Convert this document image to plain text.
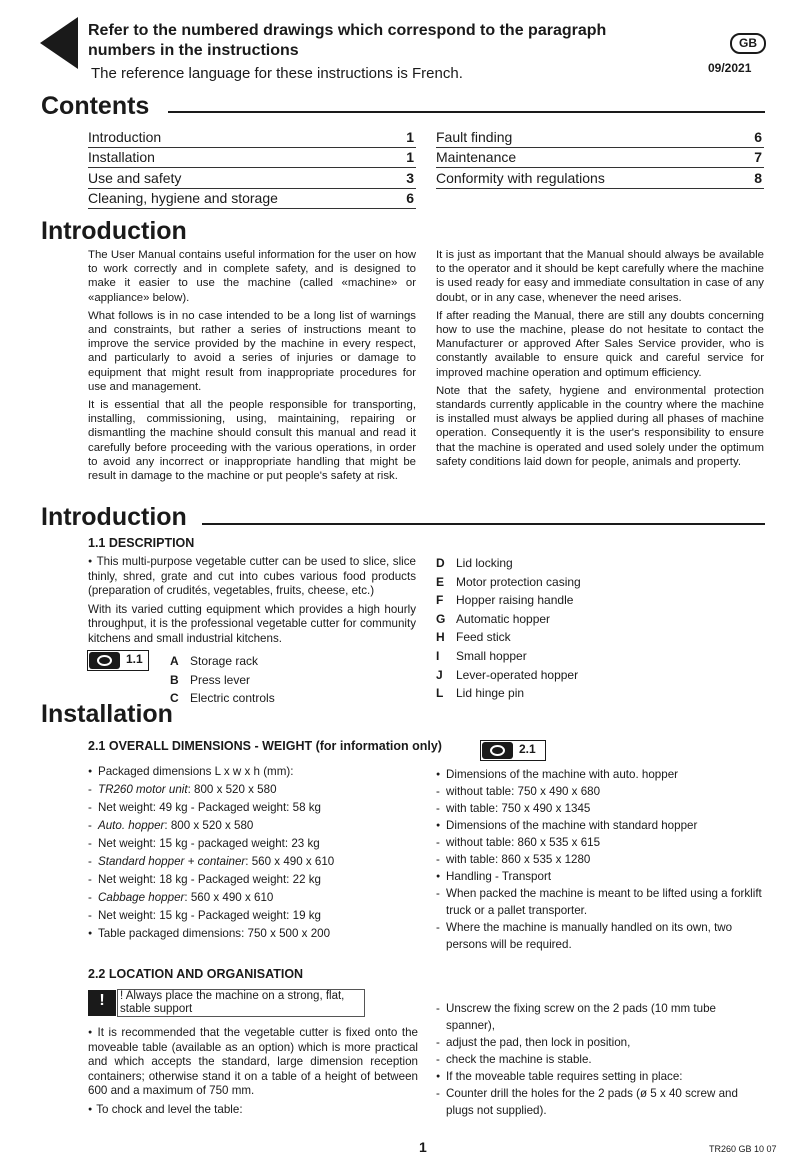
Refer to the numbered drawings which correspond to the paragraph numbers in the instructions
The reference language for these instructions is French.
GB
09/2021
Contents
Introduction	1
Installation	1
Use and safety	3
Cleaning, hygiene and storage	6
Fault finding	6
Maintenance	7
Conformity with regulations	8
Introduction

The User Manual contains useful information for the user on how to work correctly and in complete safety, and is designed to make it easier to use the machine (called «machine» or «appliance» below).

What follows is in no case intended to be a long list of warnings and constraints, but rather a series of instructions meant to improve the service provided by the machine in every respect, and particularly to avoid a series of injuries or damage to equipment that might result from inappropriate procedures for use and management.

It is essential that all the people responsible for transporting, installing, commissioning, using, maintaining, repairing or dismantling the machine should consult this manual and read it carefully before proceeding with the various operations, in order to avoid any incorrect or inappropriate handling that might be result in damage to the machine or put people's safety at risk.

It is just as important that the Manual should always be available to the operator and it should be kept carefully where the machine is used ready for easy and immediate consultation in case of any doubt, or in any case, whenever the need arises.

If after reading the Manual, there are still any doubts concerning how to use the machine, please do not hesitate to contact the Manufacturer or approved After Sales Service provider, who is constantly available to ensure quick and careful service for improved machine operation and optimum efficiency.

Note that the safety, hygiene and environmental protection standards currently applicable in the country where the machine is installed must always be applied during all phases of machine operation. Consequently it is the user's responsibility to ensure that the machine is operated and used solely under the optimum safety conditions laid down for people, animals and property.

Introduction
1.1 DESCRIPTION

● This multi-purpose vegetable cutter can be used to slice, slice thinly, shred, grate and cut into cubes various food products (preparation of crudités, vegetables, fruits, cheese, etc.)

With its varied cutting equipment which provides a high hourly throughput, it is the professional vegetable cutter for community kitchens and small industrial kitchens.

1.1 A Storage rack
B Press lever
C Electric controls
D Lid locking
E Motor protection casing
F Hopper raising handle
G Automatic hopper
H Feed stick
I Small hopper
J Lever-operated hopper
L Lid hinge pin
Installation
2.1 OVERALL DIMENSIONS - WEIGHT (for information only)	2.1
● Packaged dimensions L x w x h (mm):
- TR260 motor unit: 800 x 520 x 580
- Net weight: 49 kg - Packaged weight: 58 kg
- Auto. hopper: 800 x 520 x 580
- Net weight: 15 kg - packaged weight: 23 kg
- Standard hopper + container: 560 x 490 x 610
- Net weight: 18 kg - Packaged weight: 22 kg
- Cabbage hopper: 560 x 490 x 610
- Net weight: 15 kg - Packaged weight: 19 kg
● Table packaged dimensions: 750 x 500 x 200
● Dimensions of the machine with auto. hopper
- without table: 750 x 490 x 680
- with table: 750 x 490 x 1345
● Dimensions of the machine with standard hopper
- without table: 860 x 535 x 615
- with table: 860 x 535 x 1280
● Handling - Transport
- When packed the machine is meant to be lifted using a forklift truck or a pallet transporter.
- Where the machine is manually handled on its own, two persons will be required.
2.2 LOCATION AND ORGANISATION
!	! Always place the machine on a strong, flat, stable support

● It is recommended that the vegetable cutter is fixed onto the moveable table (available as an option) which is more practical and which accepts the standard, large dimension reception containers; otherwise stand it on a table of a height of between 600 and a maximum of 750 mm.

● To chock and level the table:

- Unscrew the fixing screw on the 2 pads (10 mm tube spanner),
- adjust the pad, then lock in position,
- check the machine is stable.
● If the moveable table requires setting in place:
- Counter drill the holes for the 2 pads (ø 5 x 40 screw and plugs not supplied).
1	TR260 GB 10 07
